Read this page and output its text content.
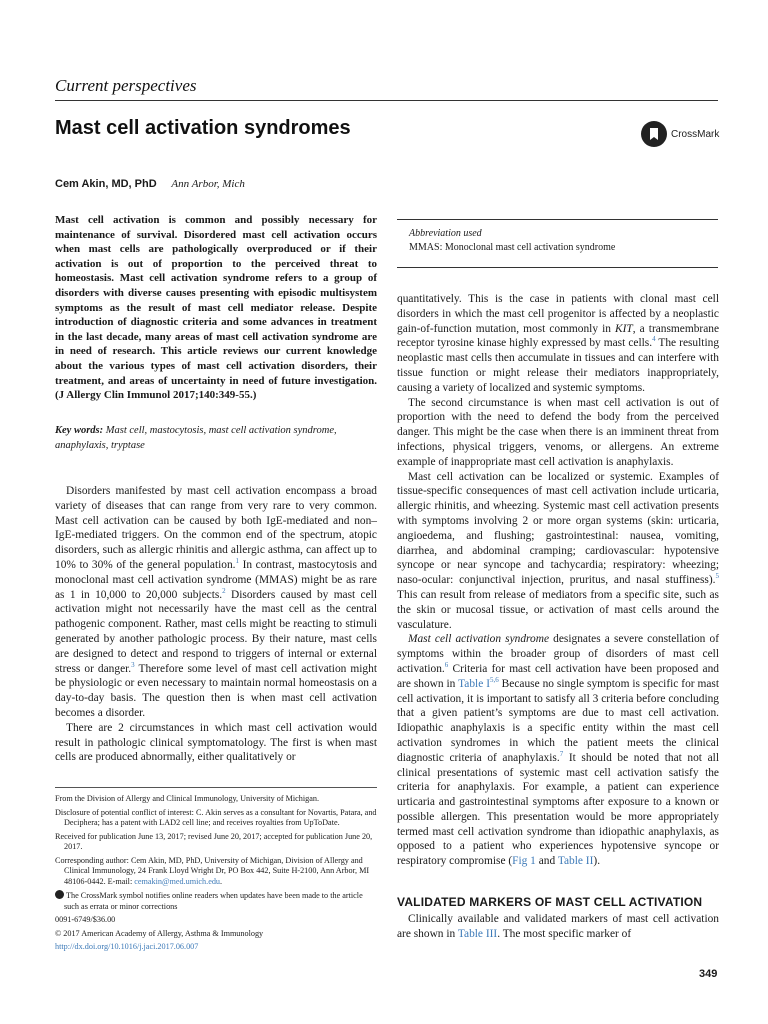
Current perspectives
Mast cell activation syndromes	CrossMark
Cem Akin, MD, PhD Ann Arbor, Mich
Mast cell activation is common and possibly necessary for maintenance of survival. Disordered mast cell activation occurs when mast cells are pathologically overproduced or if their activation is out of proportion to the perceived threat to homeostasis. Mast cell activation syndrome refers to a group of disorders with diverse causes presenting with episodic multisystem symptoms as the result of mast cell mediator release. Despite introduction of diagnostic criteria and some advances in treatment in the last decade, many areas of mast cell activation syndrome are in need of research. This article reviews our current knowledge about the various types of mast cell activation disorders, their treatment, and areas of uncertainty in need of future investigation. (J Allergy Clin Immunol 2017;140:349-55.)
Key words: Mast cell, mastocytosis, mast cell activation syndrome, anaphylaxis, tryptase
Abbreviation used
MMAS: Monoclonal mast cell activation syndrome

Disorders manifested by mast cell activation encompass a broad variety of diseases that can range from very rare to very common. Mast cell activation can be caused by both IgE-mediated and non–IgE-mediated triggers. On the common end of the spectrum, atopic disorders, such as allergic rhinitis and allergic asthma, can affect up to 10% to 30% of the general population.$^1$ In contrast, mastocytosis and monoclonal mast cell activation syndrome (MMAS) might be as rare as 1 in 10,000 to 20,000 subjects.$^2$ Disorders caused by mast cell activation might not necessarily have the mast cell as the central pathogenic component. Rather, mast cells might be reacting to stimuli generated by another pathologic process. By their nature, mast cells are designed to detect and respond to triggers of internal or external stress or danger.$^3$ Therefore some level of mast cell activation might be physiologic or even necessary to maintain normal homeostasis on a day-to-day basis. The question then is when mast cell activation becomes a disorder.

There are 2 circumstances in which mast cell activation would result in pathologic clinical symptomatology. The first is when mast cells are produced abnormally, either qualitatively or

From the Division of Allergy and Clinical Immunology, University of Michigan.
Disclosure of potential conflict of interest: C. Akin serves as a consultant for Novartis, Patara, and Deciphera; has a patent with LAD2 cell line; and receives royalties from UpToDate.
Received for publication June 13, 2017; revised June 20, 2017; accepted for publication June 20, 2017.
Corresponding author: Cem Akin, MD, PhD, University of Michigan, Division of Allergy and Clinical Immunology, 24 Frank Lloyd Wright Dr, PO Box 442, Suite H-2100, Ann Arbor, MI 48106-0442. E-mail: cemakin@med.umich.edu.
The CrossMark symbol notifies online readers when updates have been made to the article such as errata or minor corrections
0091-6749/$36.00
© 2017 American Academy of Allergy, Asthma & Immunology
http://dx.doi.org/10.1016/j.jaci.2017.06.007

quantitatively. This is the case in patients with clonal mast cell disorders in which the mast cell progenitor is affected by a neoplastic gain-of-function mutation, most commonly in KIT, a transmembrane receptor tyrosine kinase highly expressed by mast cells.$^4$ The resulting neoplastic mast cells then accumulate in tissues and can interfere with tissue function or might release their mediators inappropriately, causing a variety of localized and systemic symptoms.

The second circumstance is when mast cell activation is out of proportion with the need to defend the body from the perceived danger. This might be the case when there is an imminent threat from infections, physical triggers, venoms, or allergens. An extreme example of inappropriate mast cell activation is anaphylaxis.

Mast cell activation can be localized or systemic. Examples of tissue-specific consequences of mast cell activation include urticaria, allergic rhinitis, and wheezing. Systemic mast cell activation presents with symptoms involving 2 or more organ systems (skin: urticaria, angioedema, and flushing; gastrointestinal: nausea, vomiting, diarrhea, and abdominal cramping; cardiovascular: hypotensive syncope or near syncope and tachycardia; respiratory: wheezing; naso-ocular: conjunctival injection, pruritus, and nasal stuffiness).$^5$ This can result from release of mediators from a specific site, such as the skin or mucosal tissue, or activation of mast cells around the vasculature.

Mast cell activation syndrome designates a severe constellation of symptoms within the broader group of disorders of mast cell activation.$^6$ Criteria for mast cell activation have been proposed and are shown in Table I$^{5,6}$ Because no single symptom is specific for mast cell activation, it is important to satisfy all 3 criteria before concluding that a given patient’s symptoms are due to mast cell activation. Idiopathic anaphylaxis is a specific entity within the mast cell activation syndromes in which the patient meets the clinical diagnostic criteria of anaphylaxis.$^7$ It should be noted that not all clinical presentations of systemic mast cell activation satisfy the criteria for anaphylaxis. For example, a patient can experience urticaria and gastrointestinal symptoms after exposure to a known or possible allergen. This presentation would be more appropriately termed mast cell activation syndrome than idiopathic anaphylaxis, as opposed to a patient who experiences hypotensive syncope or respiratory compromise (Fig 1 and Table II).

VALIDATED MARKERS OF MAST CELL ACTIVATION

Clinically available and validated markers of mast cell activation are shown in Table III. The most specific marker of

349
